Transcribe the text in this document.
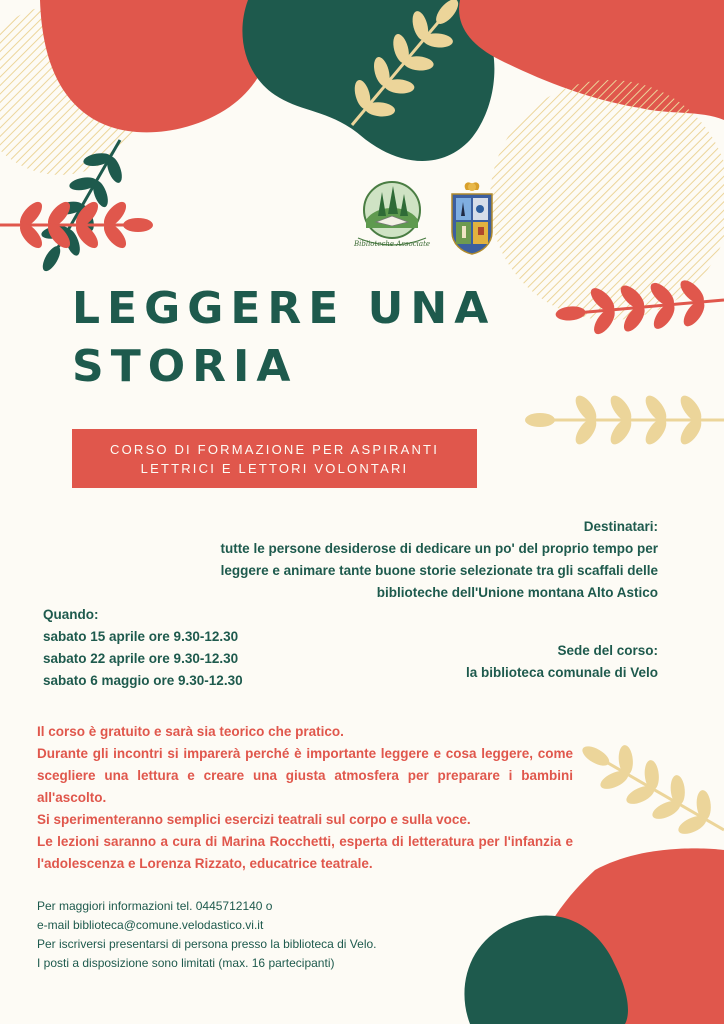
Biblioteche Associate
LEGGERE UNA
STORIA
CORSO DI FORMAZIONE PER ASPIRANTI
LETTRICI E LETTORI VOLONTARI
Destinatari:
tutte le persone desiderose di dedicare un po' del proprio tempo per
leggere e animare tante buone storie selezionate tra gli scaffali delle
biblioteche dell'Unione montana Alto Astico
Quando:
sabato 15 aprile ore 9.30-12.30
sabato 22 aprile ore 9.30-12.30
sabato 6 maggio ore 9.30-12.30
Sede del corso:
la biblioteca comunale di Velo

Il corso è gratuito e sarà sia teorico che pratico.

Durante gli incontri si imparerà perché è importante leggere e cosa leggere, come scegliere una lettura e creare una giusta atmosfera per preparare i bambini all'ascolto.

Si sperimenteranno semplici esercizi teatrali sul corpo e sulla voce.

Le lezioni saranno a cura di Marina Rocchetti, esperta di letteratura per l'infanzia e l'adolescenza e Lorenza Rizzato, educatrice teatrale.

Per maggiori informazioni tel. 0445712140 o
e-mail biblioteca@comune.velodastico.vi.it
Per iscriversi presentarsi di persona presso la biblioteca di Velo.
I posti a disposizione sono limitati (max. 16 partecipanti)
